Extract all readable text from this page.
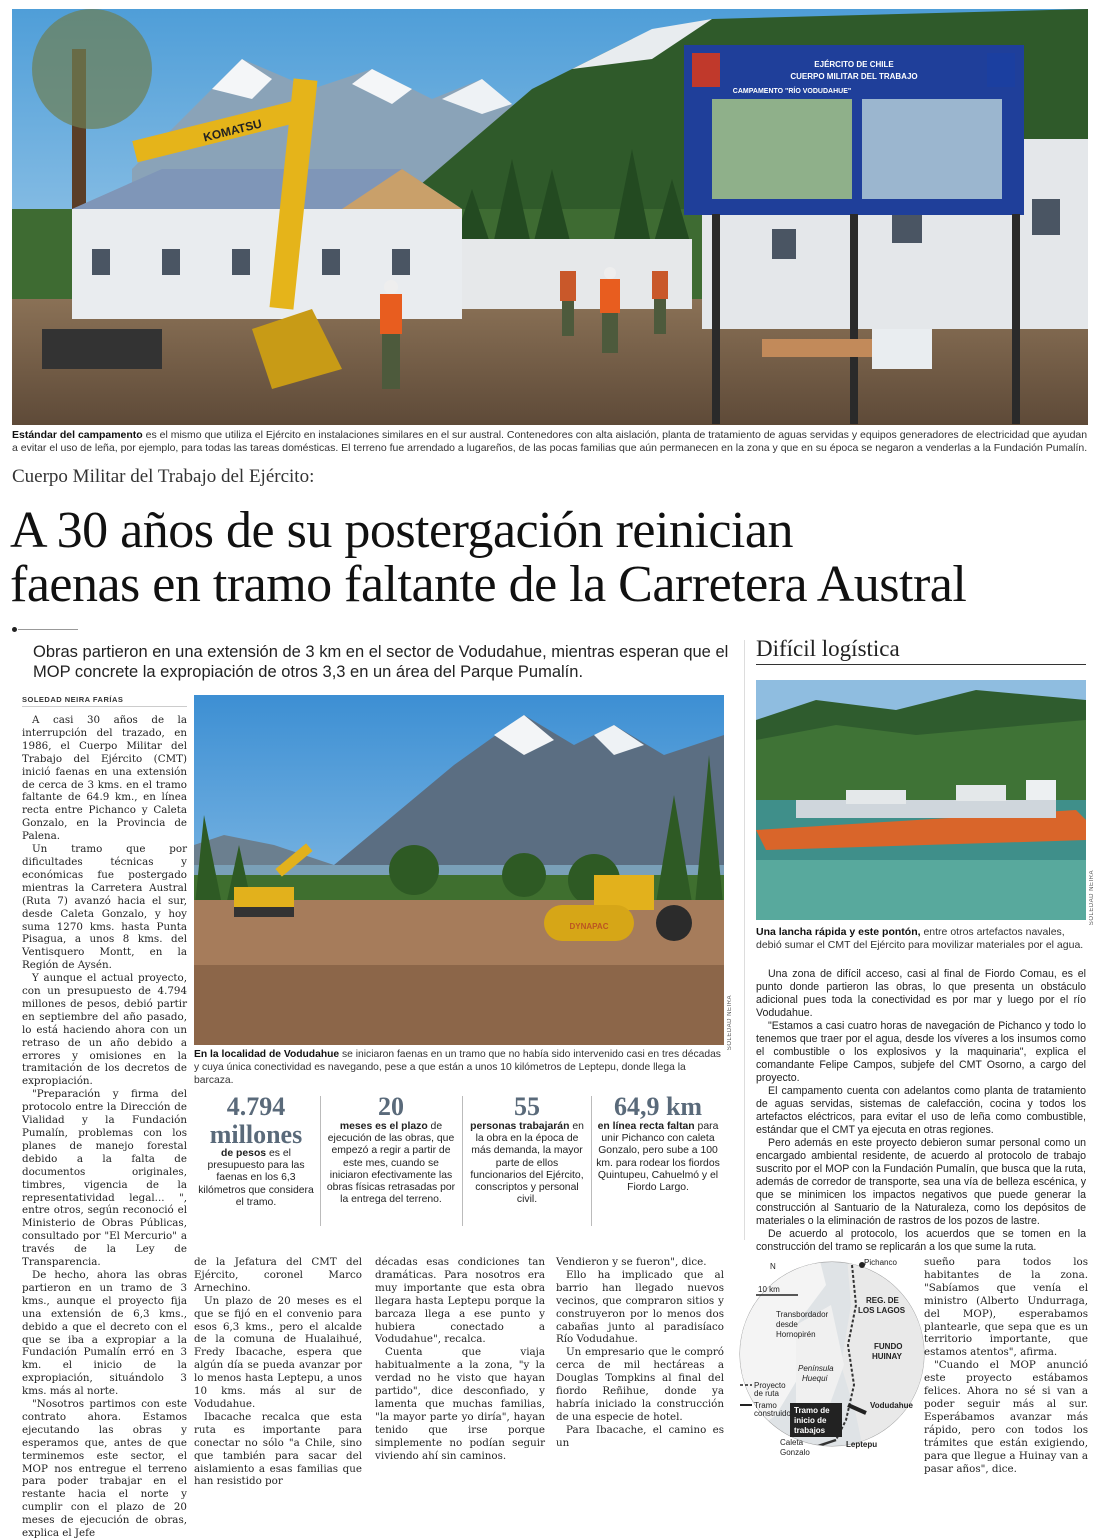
EJÉRCITO DE CHILE
CUERPO MILITAR DEL TRABAJO
CAMPAMENTO "RÍO VODUDAHUE"
KOMATSU
Estándar del campamento es el mismo que utiliza el Ejército en instalaciones similares en el sur austral. Contenedores con alta aislación, planta de tratamiento de aguas servidas y equipos generadores de electricidad que ayudan a evitar el uso de leña, por ejemplo, para todas las tareas domésticas. El terreno fue arrendado a lugareños, de las pocas familias que aún permanecen en la zona y que en su época se negaron a venderlas a la Fundación Pumalín.
Cuerpo Militar del Trabajo del Ejército:
A 30 años de su postergación reinician
faenas en tramo faltante de la Carretera Austral
Obras partieron en una extensión de 3 km en el sector de Vodudahue, mientras esperan que el MOP concrete la expropiación de otros 3,3 en un área del Parque Pumalín.
SOLEDAD NEIRA FARÍAS

A casi 30 años de la interrupción del trazado, en 1986, el Cuerpo Militar del Trabajo del Ejército (CMT) inició faenas en una extensión de cerca de 3 kms. en el tramo faltante de 64.9 km., en línea recta entre Pichanco y Caleta Gonzalo, en la Provincia de Palena.

Un tramo que por dificultades técnicas y económicas fue postergado mientras la Carretera Austral (Ruta 7) avanzó hacia el sur, desde Caleta Gonzalo, y hoy suma 1270 kms. hasta Punta Pisagua, a unos 8 kms. del Ventisquero Montt, en la Región de Aysén.

Y aunque el actual proyecto, con un presupuesto de 4.794 millones de pesos, debió partir en septiembre del año pasado, lo está haciendo ahora con un retraso de un año debido a errores y omisiones en la tramitación de los decretos de expropiación.

"Preparación y firma del protocolo entre la Dirección de Vialidad y la Fundación Pumalín, problemas con los planes de manejo forestal debido a la falta de documentos originales, timbres, vigencia de la representatividad legal... ", entre otros, según reconoció el Ministerio de Obras Públicas, consultado por "El Mercurio" a través de la Ley de Transparencia.

De hecho, ahora las obras partieron en un tramo de 3 kms., aunque el proyecto fija una extensión de 6,3 kms., debido a que el decreto con el que se iba a expropiar a la Fundación Pumalín erró en 3 km. el inicio de la expropiación, situándolo 3 kms. más al norte.

"Nosotros partimos con este contrato ahora. Estamos ejecutando las obras y esperamos que, antes de que terminemos este sector, el MOP nos entregue el terreno para poder trabajar en el restante hacia el norte y cumplir con el plazo de 20 meses de ejecución de obras, explica el Jefe

DYNAPAC
SOLEDAD NEIRA
En la localidad de Vodudahue se iniciaron faenas en un tramo que no había sido intervenido casi en tres décadas y cuya única conectividad es navegando, pese a que están a unos 10 kilómetros de Leptepu, donde llega la barcaza.
4.794
millones
de pesos es el presupuesto para las faenas en los 6,3 kilómetros que considera el tramo.
20
meses es el plazo de ejecución de las obras, que empezó a regir a partir de este mes, cuando se iniciaron efectivamente las obras físicas retrasadas por la entrega del terreno.
55
personas trabajarán en la obra en la época de más demanda, la mayor parte de ellos funcionarios del Ejército, conscriptos y personal civil.
64,9 km
en línea recta faltan para unir Pichanco con caleta Gonzalo, pero sube a 100 km. para rodear los fiordos Quintupeu, Cahuelmó y el Fiordo Largo.

de la Jefatura del CMT del Ejército, coronel Marco Arnechino.

Un plazo de 20 meses es el que se fijó en el convenio para esos 6,3 kms., pero el alcalde de la comuna de Hualaihué, Fredy Ibacache, espera que algún día se pueda avanzar por lo menos hasta Leptepu, a unos 10 kms. más al sur de Vodudahue.

Ibacache recalca que esta ruta es importante para conectar no sólo "a Chile, sino que también para sacar del aislamiento a esas familias que han resistido por

décadas esas condiciones tan dramáticas. Para nosotros era muy importante que esta obra llegara hasta Leptepu porque la barcaza llega a ese punto y hubiera conectado a Vodudahue", recalca.

Cuenta que viaja habitualmente a la zona, "y la verdad no he visto que hayan partido", dice desconfiado, y lamenta que muchas familias, "la mayor parte yo diría", hayan tenido que irse porque simplemente no podían seguir viviendo ahí sin caminos.

Vendieron y se fueron", dice.

Ello ha implicado que al barrio han llegado nuevos vecinos, que compraron sitios y construyeron por lo menos dos cabañas junto al paradisíaco Río Vodudahue.

Un empresario que le compró cerca de mil hectáreas a Douglas Tompkins al final del fiordo Reñihue, donde ya habría iniciado la construcción de una especie de hotel.

Para Ibacache, el camino es un

Difícil logística
SOLEDAD NEIRA
Una lancha rápida y este pontón, entre otros artefactos navales, debió sumar el CMT del Ejército para movilizar materiales por el agua.

Una zona de difícil acceso, casi al final de Fiordo Comau, es el punto donde partieron las obras, lo que presenta un obstáculo adicional pues toda la conectividad es por mar y luego por el río Vodudahue.

"Estamos a casi cuatro horas de navegación de Pichanco y todo lo tenemos que traer por el agua, desde los víveres a los insumos como el combustible o los explosivos y la maquinaria", explica el comandante Felipe Campos, subjefe del CMT Osorno, a cargo del proyecto.

El campamento cuenta con adelantos como planta de tratamiento de aguas servidas, sistemas de calefacción, cocina y todos los artefactos eléctricos, para evitar el uso de leña como combustible, estándar que el CMT ya ejecuta en otras regiones.

Pero además en este proyecto debieron sumar personal como un encargado ambiental residente, de acuerdo al protocolo de trabajo suscrito por el MOP con la Fundación Pumalín, que busca que la ruta, además de corredor de transporte, sea una vía de belleza escénica, y que se minimicen los impactos negativos que puede generar la construcción al Santuario de la Naturaleza, como los depósitos de materiales o la eliminación de rastros de los pozos de lastre.

De acuerdo al protocolo, los acuerdos que se tomen en la construcción del tramo se replicarán a los que sume la ruta.

Pichanco
N
10 km
Transbordador
desde
Hornopirén
REG. DE
LOS LAGOS
FUNDO
HUINAY
Península
Huequi
Vodudahue
Tramo de
inicio de
trabajos
Leptepu
Caleta
Gonzalo
Proyecto
de ruta
Tramo
construido

sueño para todos los habitantes de la zona. "Sabíamos que venía el ministro (Alberto Undurraga, del MOP), esperabamos plantearle, que sepa que es un territorio importante, que estamos atentos", afirma.

"Cuando el MOP anunció este proyecto estábamos felices. Ahora no sé si van a poder seguir más al sur. Esperábamos avanzar más rápido, pero con todos los trámites que están exigiendo, para que llegue a Huinay van a pasar años", dice.
